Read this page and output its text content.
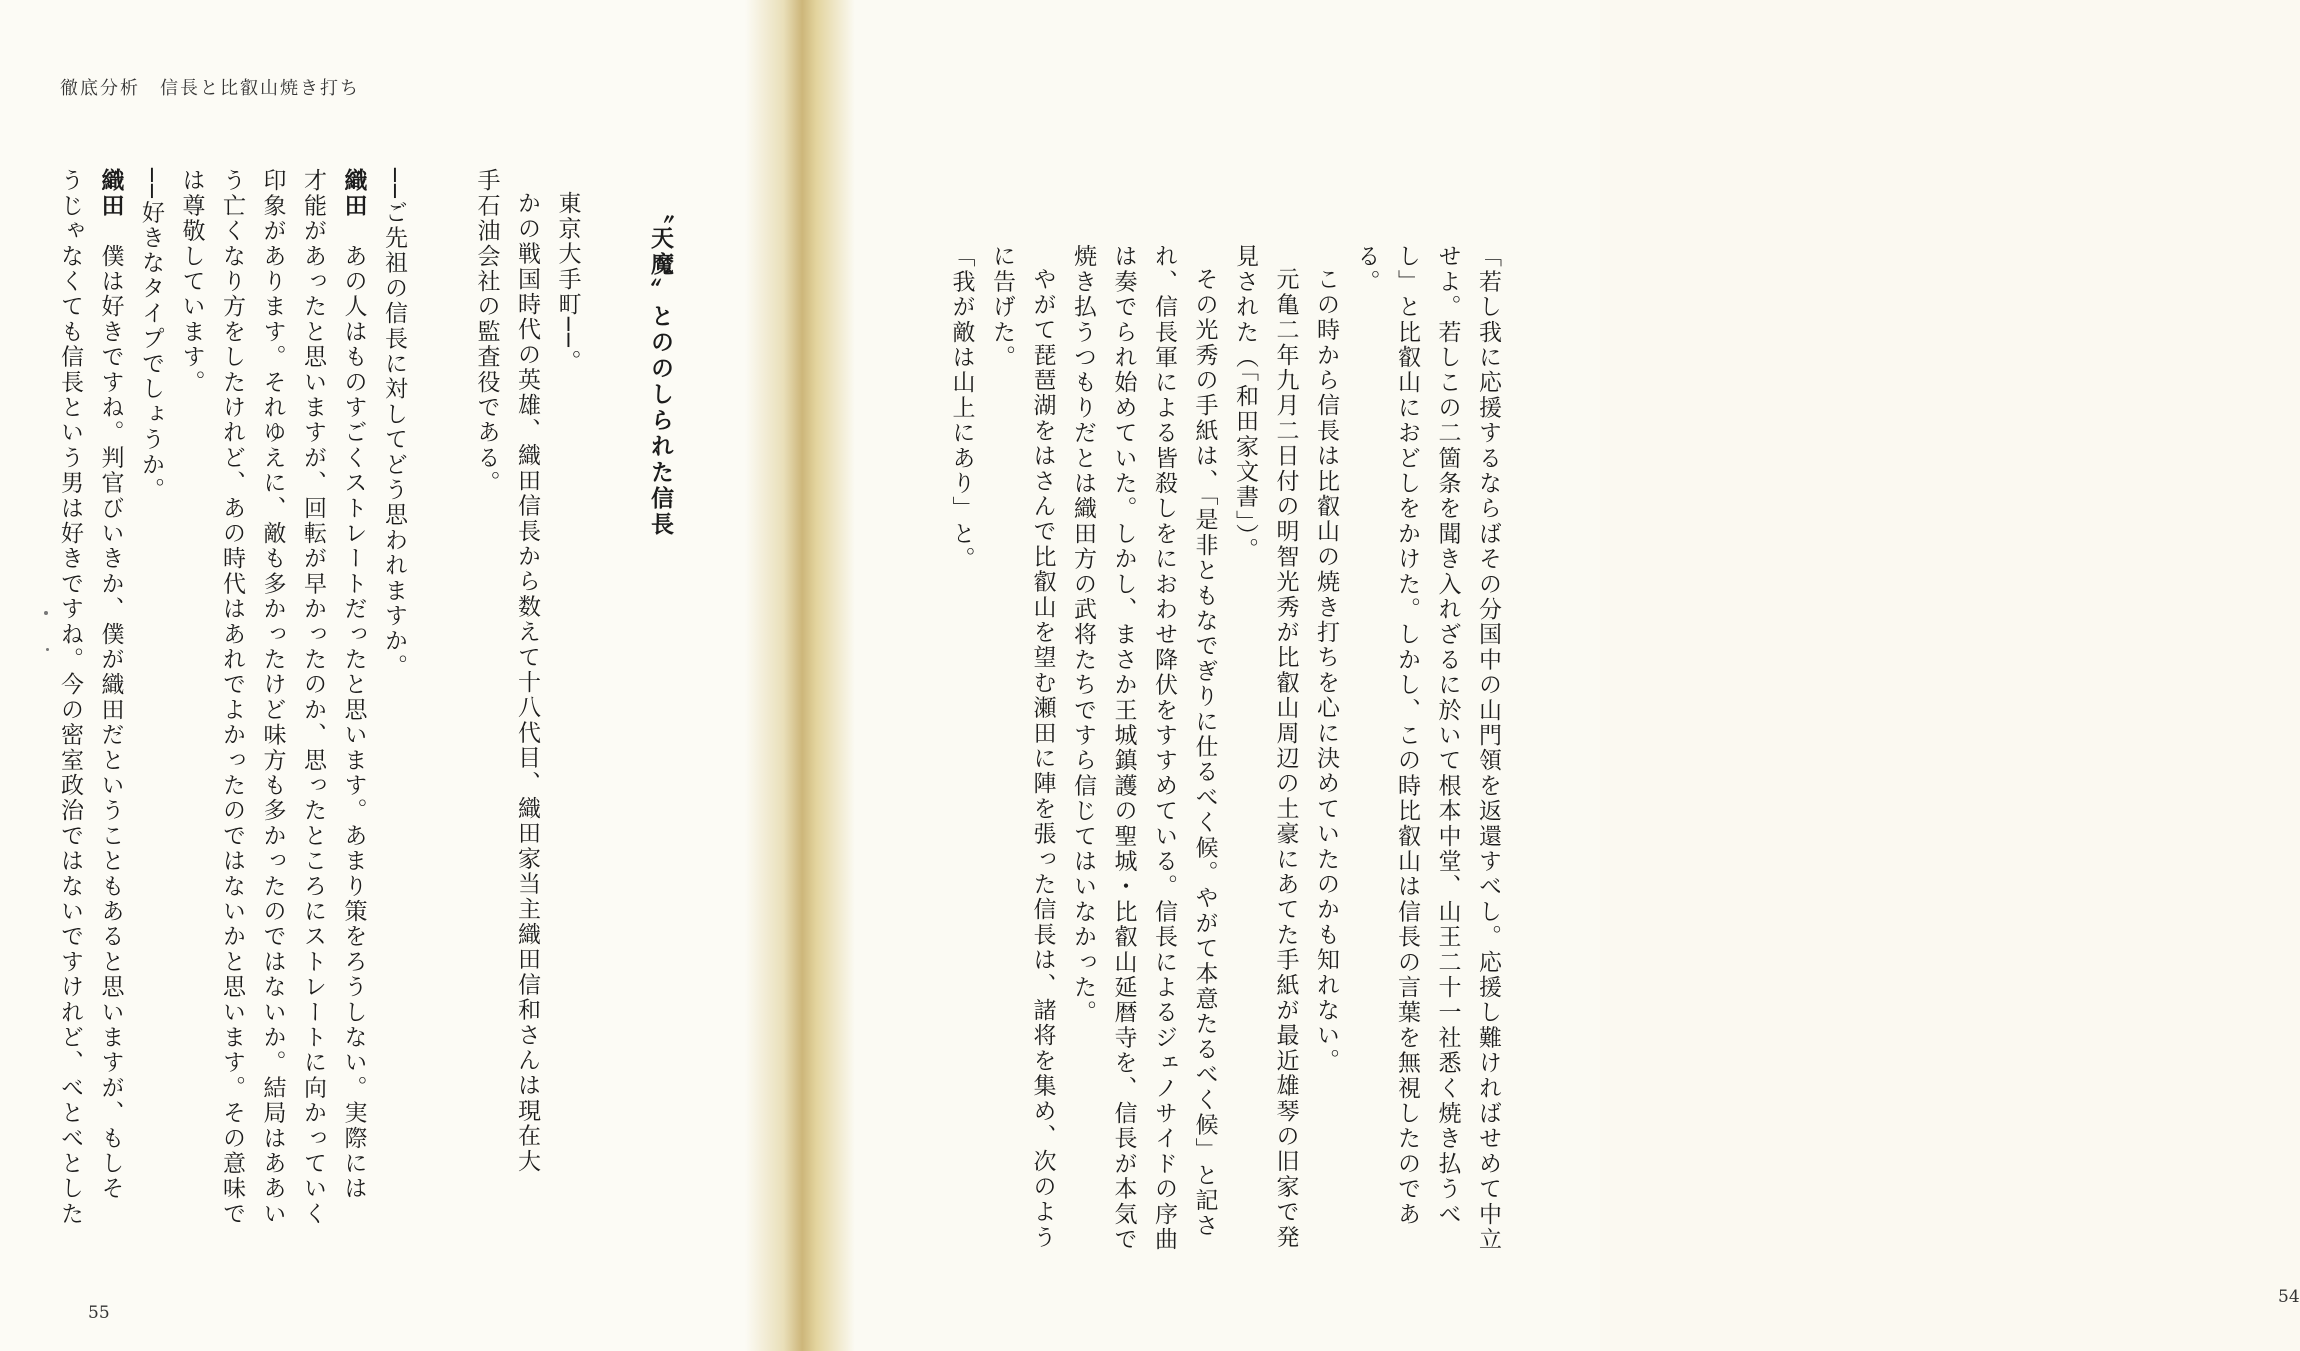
徹底分析　信長と比叡山焼き打ち
〝天魔〟とののしられた信長
東京大手町──。
かの戦国時代の英雄、織田信長から数えて十八代目、織田家当主織田信和さんは現在大
手石油会社の監査役である。
──ご先祖の信長に対してどう思われますか。
織田　あの人はものすごくストレートだったと思います。あまり策をろうしない。実際には
才能があったと思いますが、回転が早かったのか、思ったところにストレートに向かっていく
印象があります。それゆえに、敵も多かったけど味方も多かったのではないか。結局はああい
う亡くなり方をしたけれど、あの時代はあれでよかったのではないかと思います。その意味で
は尊敬しています。
──好きなタイプでしょうか。
織田　僕は好きですね。判官びいきか、僕が織田だということもあると思いますが、もしそ
うじゃなくても信長という男は好きですね。今の密室政治ではないですけれど、べとべとした
55
「若し我に応援するならばその分国中の山門領を返還すべし。応援し難ければせめて中立
せよ。若しこの二箇条を聞き入れざるに於いて根本中堂、山王二十一社悉く焼き払うべ
し」と比叡山におどしをかけた。しかし、この時比叡山は信長の言葉を無視したのであ
る。
この時から信長は比叡山の焼き打ちを心に決めていたのかも知れない。
元亀二年九月二日付の明智光秀が比叡山周辺の土豪にあてた手紙が最近雄琴の旧家で発
見された（「和田家文書」）。
その光秀の手紙は、「是非ともなでぎりに仕るべく候。やがて本意たるべく候」と記さ
れ、信長軍による皆殺しをにおわせ降伏をすすめている。信長によるジェノサイドの序曲
は奏でられ始めていた。しかし、まさか王城鎮護の聖城・比叡山延暦寺を、信長が本気で
焼き払うつもりだとは織田方の武将たちですら信じてはいなかった。
やがて琵琶湖をはさんで比叡山を望む瀬田に陣を張った信長は、諸将を集め、次のよう
に告げた。
「我が敵は山上にあり」と。
54
